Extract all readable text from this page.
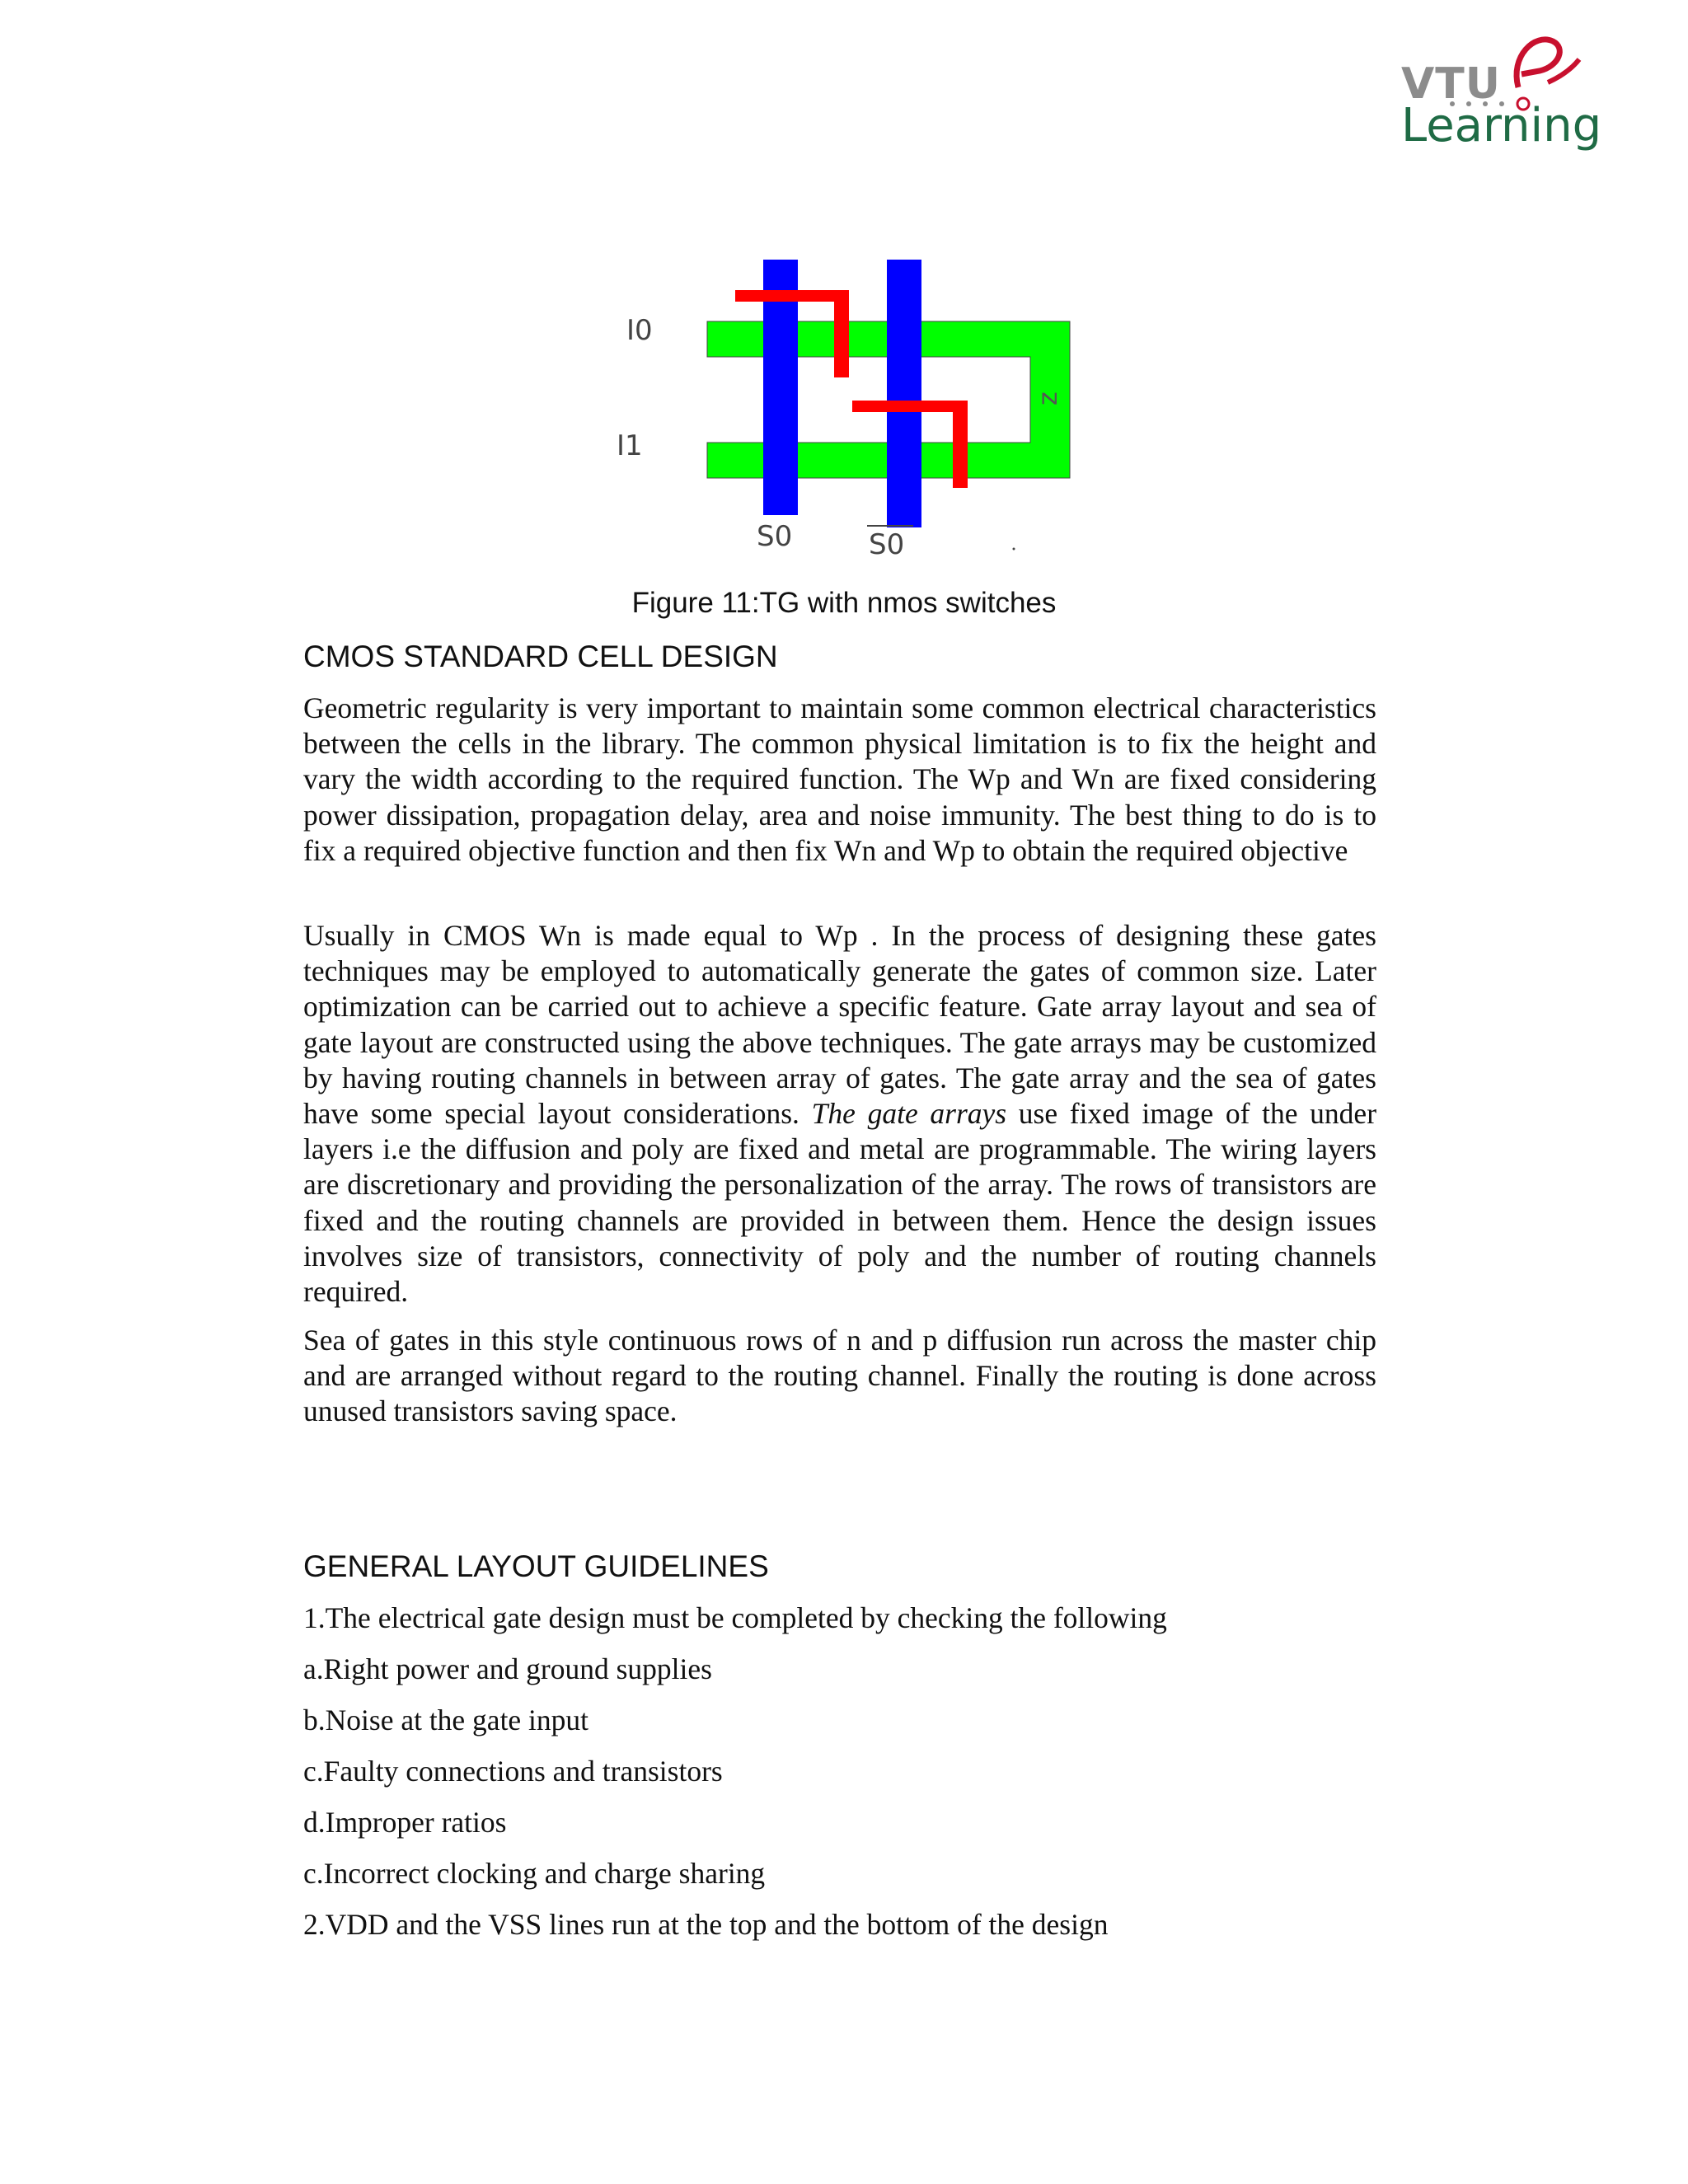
VTU
Learning
I0
I1
z
S0	S0
Figure 11:TG with nmos switches
CMOS STANDARD CELL DESIGN

Geometric regularity is very important to maintain some common electrical characteristics between the cells in the library. The common physical limitation is to fix the height and vary the width according to the required function. The Wp and Wn are fixed considering power dissipation, propagation delay, area and noise immunity. The best thing to do is to fix a required objective function and then fix Wn and Wp to obtain the required objective

Usually in CMOS Wn is made equal to Wp . In the process of designing these gates techniques may be employed to automatically generate the gates of common size. Later optimization can be carried out to achieve a specific feature. Gate array layout and sea of gate layout are constructed using the above techniques. The gate arrays may be customized by having routing channels in between array of gates. The gate array and the sea of gates have some special layout considerations. The gate arrays use fixed image of the under layers i.e the diffusion and poly are fixed and metal are programmable. The wiring layers are discretionary and providing the personalization of the array. The rows of transistors are fixed and the routing channels are provided in between them. Hence the design issues involves size of transistors, connectivity of poly and the number of routing channels required.

Sea of gates in this style continuous rows of n and p diffusion run across the master chip and are arranged without regard to the routing channel. Finally the routing is done across unused transistors saving space.

GENERAL LAYOUT GUIDELINES
1.The electrical gate design must be completed by checking the following
a.Right power and ground supplies
b.Noise at the gate input
c.Faulty connections and transistors
d.Improper ratios
c.Incorrect clocking and charge sharing
2.VDD and the VSS lines run at the top and the bottom of the design
